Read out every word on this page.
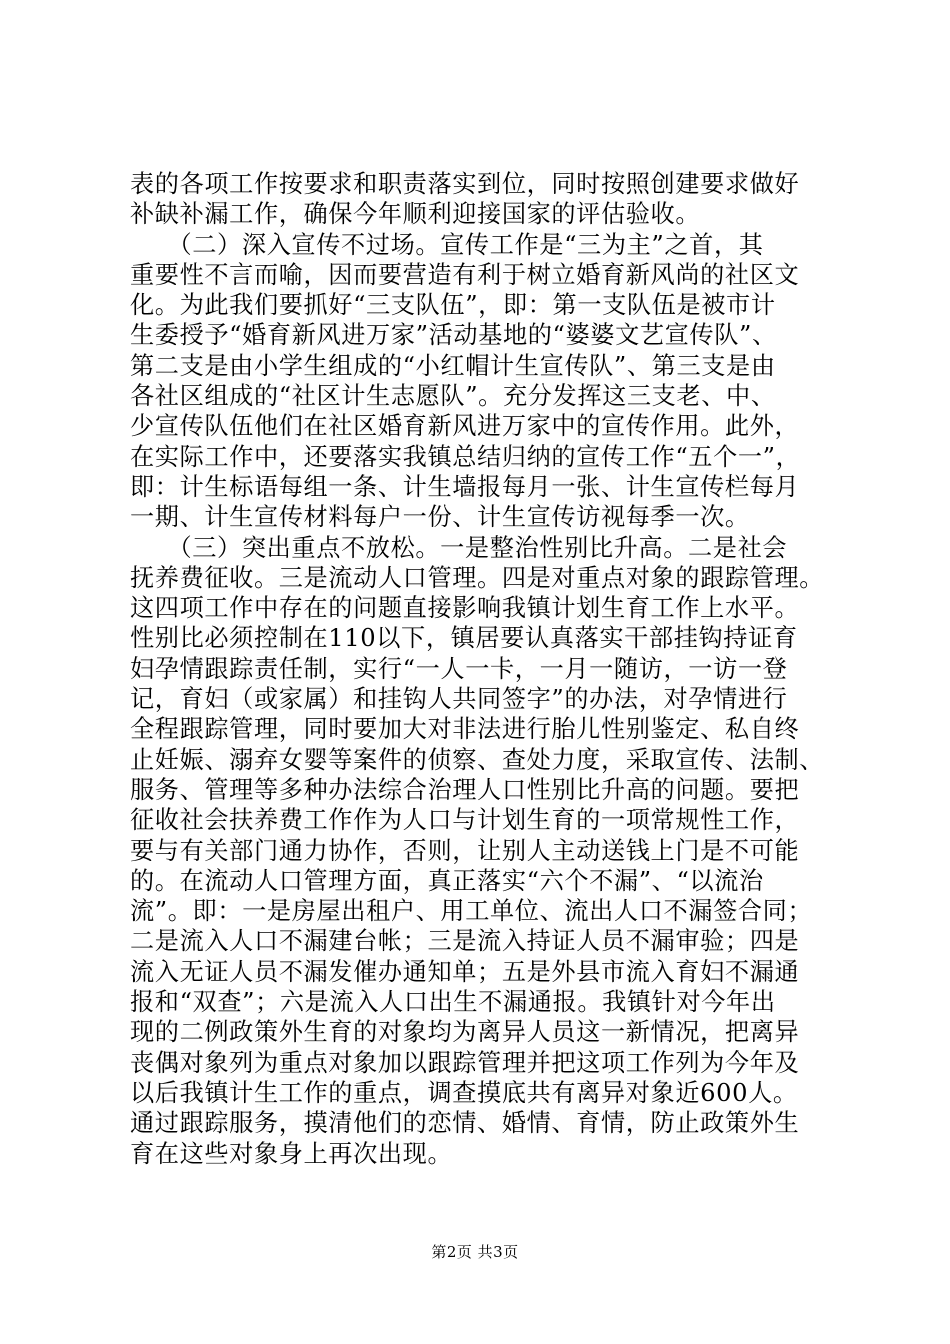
表的各项工作按要求和职责落实到位，同时按照创建要求做好
补缺补漏工作，确保今年顺利迎接国家的评估验收。
　　（二）深入宣传不过场。宣传工作是“三为主”之首，其
重要性不言而喻，因而要营造有利于树立婚育新风尚的社区文
化。为此我们要抓好“三支队伍”，即：第一支队伍是被市计
生委授予“婚育新风进万家”活动基地的“婆婆文艺宣传队”、
第二支是由小学生组成的“小红帽计生宣传队”、第三支是由
各社区组成的“社区计生志愿队”。充分发挥这三支老、中、
少宣传队伍他们在社区婚育新风进万家中的宣传作用。此外，
在实际工作中，还要落实我镇总结归纳的宣传工作“五个一”，
即：计生标语每组一条、计生墙报每月一张、计生宣传栏每月
一期、计生宣传材料每户一份、计生宣传访视每季一次。
　　（三）突出重点不放松。一是整治性别比升高。二是社会
抚养费征收。三是流动人口管理。四是对重点对象的跟踪管理。
这四项工作中存在的问题直接影响我镇计划生育工作上水平。
性别比必须控制在110以下，镇居要认真落实干部挂钩持证育
妇孕情跟踪责任制，实行“一人一卡，一月一随访，一访一登
记，育妇（或家属）和挂钩人共同签字”的办法，对孕情进行
全程跟踪管理，同时要加大对非法进行胎儿性别鉴定、私自终
止妊娠、溺弃女婴等案件的侦察、查处力度，采取宣传、法制、
服务、管理等多种办法综合治理人口性别比升高的问题。要把
征收社会扶养费工作作为人口与计划生育的一项常规性工作，
要与有关部门通力协作，否则，让别人主动送钱上门是不可能
的。在流动人口管理方面，真正落实“六个不漏”、“以流治
流”。即：一是房屋出租户、用工单位、流出人口不漏签合同；
二是流入人口不漏建台帐；三是流入持证人员不漏审验；四是
流入无证人员不漏发催办通知单；五是外县市流入育妇不漏通
报和“双查”；六是流入人口出生不漏通报。我镇针对今年出
现的二例政策外生育的对象均为离异人员这一新情况，把离异
丧偶对象列为重点对象加以跟踪管理并把这项工作列为今年及
以后我镇计生工作的重点，调查摸底共有离异对象近600人。
通过跟踪服务，摸清他们的恋情、婚情、育情，防止政策外生
育在这些对象身上再次出现。
第2页 共3页
